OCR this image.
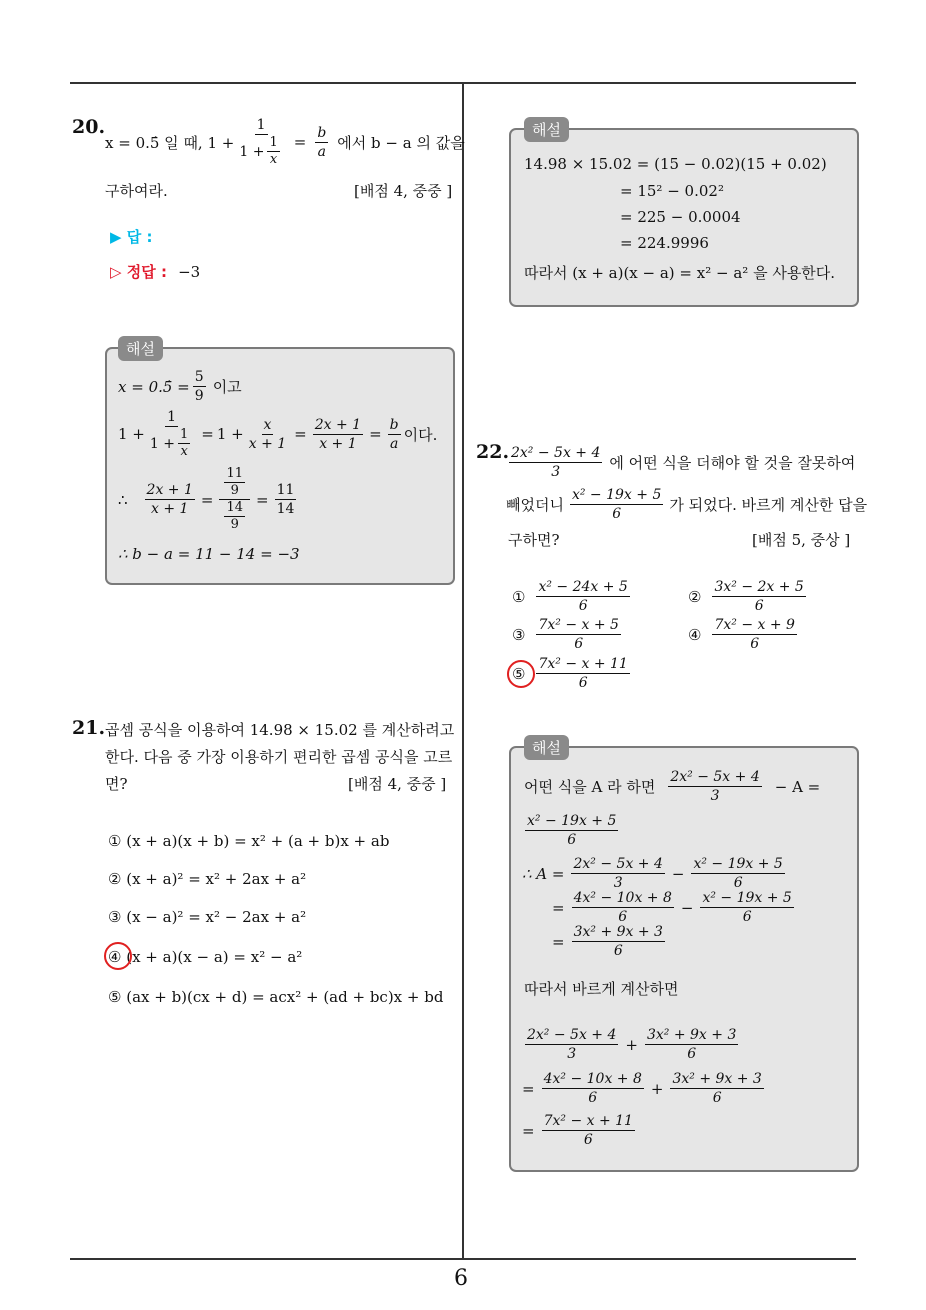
6
20.
x = 0.5̇ 일 때, $1 + \frac{1}{1 + \frac{1}{x}} = \frac{b}{a}$ 에서 b − a 의 값을
구하여라.	[배점 4, 중중 ]
▶ 답 :
▷ 정답 : −3
해설
x = 0.5̇ = $\frac{5}{9}$ 이고
$1 + \frac{1}{1 + \frac{1}{x}} = 1 + \frac{x}{x + 1} = \frac{2x + 1}{x + 1} = \frac{b}{a}$ 이다.
∴ $\frac{2x + 1}{x + 1} = \frac{\frac{11}{9}}{\frac{14}{9}} = \frac{11}{14}$
∴ b − a = 11 − 14 = −3
21. 곱셈 공식을 이용하여 14.98 × 15.02 를 계산하려고
한다. 다음 중 가장 이용하기 편리한 곱셈 공식을 고르
면?	[배점 4, 중중 ]
① (x + a)(x + b) = x² + (a + b)x + ab
② (x + a)² = x² + 2ax + a²
③ (x − a)² = x² − 2ax + a²
④ (x + a)(x − a) = x² − a²
⑤ (ax + b)(cx + d) = acx² + (ad + bc)x + bd
해설
14.98 × 15.02 = (15 − 0.02)(15 + 0.02)
= 15² − 0.02²
= 225 − 0.0004
= 224.9996
따라서 (x + a)(x − a) = x² − a² 을 사용한다.
22. $\frac{\text{2x² − 5x + 4}}{3}$ 에 어떤 식을 더해야 할 것을 잘못하여
빼었더니 $\frac{\text{x² − 19x + 5}}{6}$ 가 되었다. 바르게 계산한 답을
구하면?	[배점 5, 중상 ]
① $\frac{\text{x² − 24x + 5}}{6}$	② $\frac{\text{3x² − 2x + 5}}{6}$
③ $\frac{\text{7x² − x + 5}}{6}$	④ $\frac{\text{7x² − x + 9}}{6}$
⑤ $\frac{\text{7x² − x + 11}}{6}$
해설
어떤 식을 A 라 하면 $\frac{\text{2x² − 5x + 4}}{3} - A$ =
$\frac{\text{x² − 19x + 5}}{6}$
∴ $A = \frac{\text{2x² − 5x + 4}}{3} - \frac{\text{x² − 19x + 5}}{6}$
= $\frac{\text{4x² − 10x + 8}}{6} - \frac{\text{x² − 19x + 5}}{6}$
= $\frac{\text{3x² + 9x + 3}}{6}$
따라서 바르게 계산하면
$\frac{\text{2x² − 5x + 4}}{3} + \frac{\text{3x² + 9x + 3}}{6}$
= $\frac{\text{4x² − 10x + 8}}{6} + \frac{\text{3x² + 9x + 3}}{6}$
= $\frac{\text{7x² − x + 11}}{6}$
